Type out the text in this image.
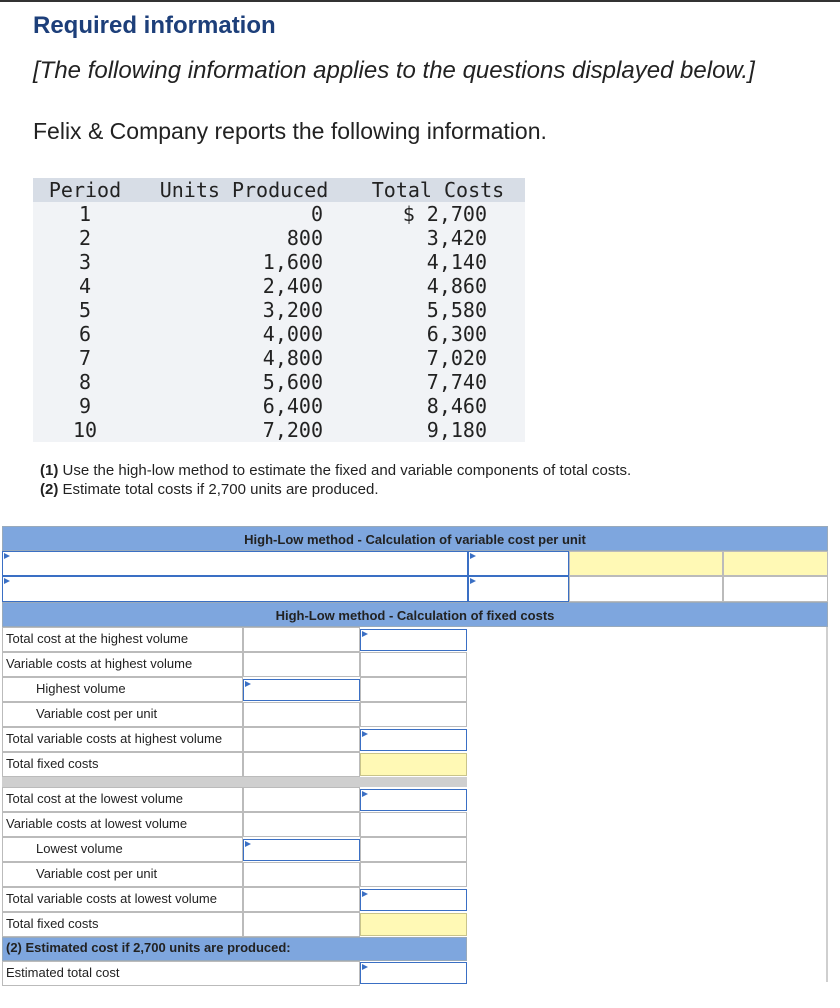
Required information
[The following information applies to the questions displayed below.]
Felix & Company reports the following information.
Period	Units Produced	Total Costs
1	0	$ 2,700
2	800	3,420
3	1,600	4,140
4	2,400	4,860
5	3,200	5,580
6	4,000	6,300
7	4,800	7,020
8	5,600	7,740
9	6,400	8,460
10	7,200	9,180
(1) Use the high-low method to estimate the fixed and variable components of total costs.
(2) Estimate total costs if 2,700 units are produced.
High-Low method - Calculation of variable cost per unit
High-Low method - Calculation of fixed costs
Total cost at the highest volume
Variable costs at highest volume
Highest volume
Variable cost per unit
Total variable costs at highest volume
Total fixed costs
Total cost at the lowest volume
Variable costs at lowest volume
Lowest volume
Variable cost per unit
Total variable costs at lowest volume
Total fixed costs
(2) Estimated cost if 2,700 units are produced:
Estimated total cost
